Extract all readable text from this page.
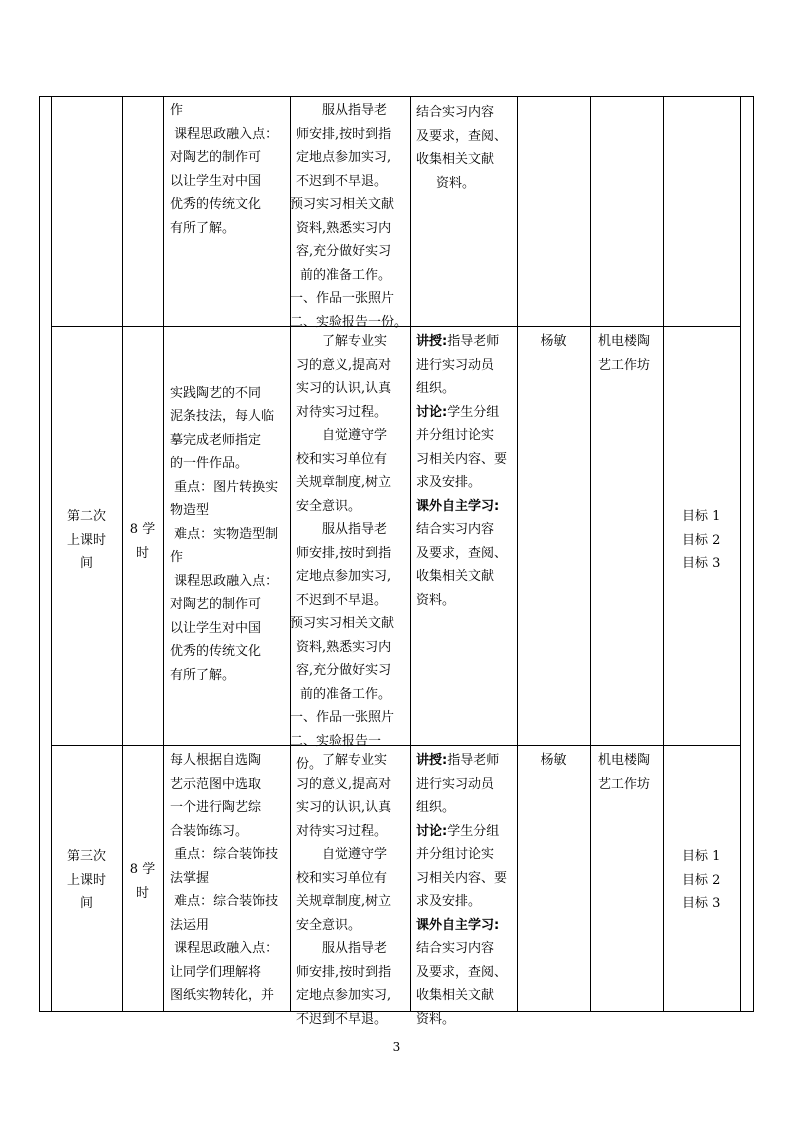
作
课程思政融入点：
对陶艺的制作可
以让学生对中国
优秀的传统文化
有所了解。
服从指导老
师安排,按时到指
定地点参加实习,
不迟到不早退。
预习实习相关文献
资料,熟悉实习内
容,充分做好实习
前的准备工作。
一、作品一张照片
二、实验报告一份。
结合实习内容
及要求，查阅、
收集相关文献
资料。
第二次
上课时
间
8 学
时
实践陶艺的不同
泥条技法，每人临
摹完成老师指定
的一件作品。
重点：图片转换实
物造型
难点：实物造型制
作
课程思政融入点：
对陶艺的制作可
以让学生对中国
优秀的传统文化
有所了解。
了解专业实
习的意义,提高对
实习的认识,认真
对待实习过程。
自觉遵守学
校和实习单位有
关规章制度,树立
安全意识。
服从指导老
师安排,按时到指
定地点参加实习,
不迟到不早退。
预习实习相关文献
资料,熟悉实习内
容,充分做好实习
前的准备工作。
一、作品一张照片
二、实验报告一
份。
讲授:指导老师
进行实习动员
组织。
讨论:学生分组
并分组讨论实
习相关内容、要
求及安排。
课外自主学习:
结合实习内容
及要求，查阅、
收集相关文献
资料。
杨敏	机电楼陶
艺工作坊
目标 1
目标 2
目标 3
第三次
上课时
间
8 学
时
每人根据自选陶
艺示范图中选取
一个进行陶艺综
合装饰练习。
重点：综合装饰技
法掌握
难点：综合装饰技
法运用
课程思政融入点：
让同学们理解将
图纸实物转化，并
了解专业实
习的意义,提高对
实习的认识,认真
对待实习过程。
自觉遵守学
校和实习单位有
关规章制度,树立
安全意识。
服从指导老
师安排,按时到指
定地点参加实习,
不迟到不早退。
讲授:指导老师
进行实习动员
组织。
讨论:学生分组
并分组讨论实
习相关内容、要
求及安排。
课外自主学习:
结合实习内容
及要求，查阅、
收集相关文献
资料。
杨敏	机电楼陶
艺工作坊
目标 1
目标 2
目标 3
3
